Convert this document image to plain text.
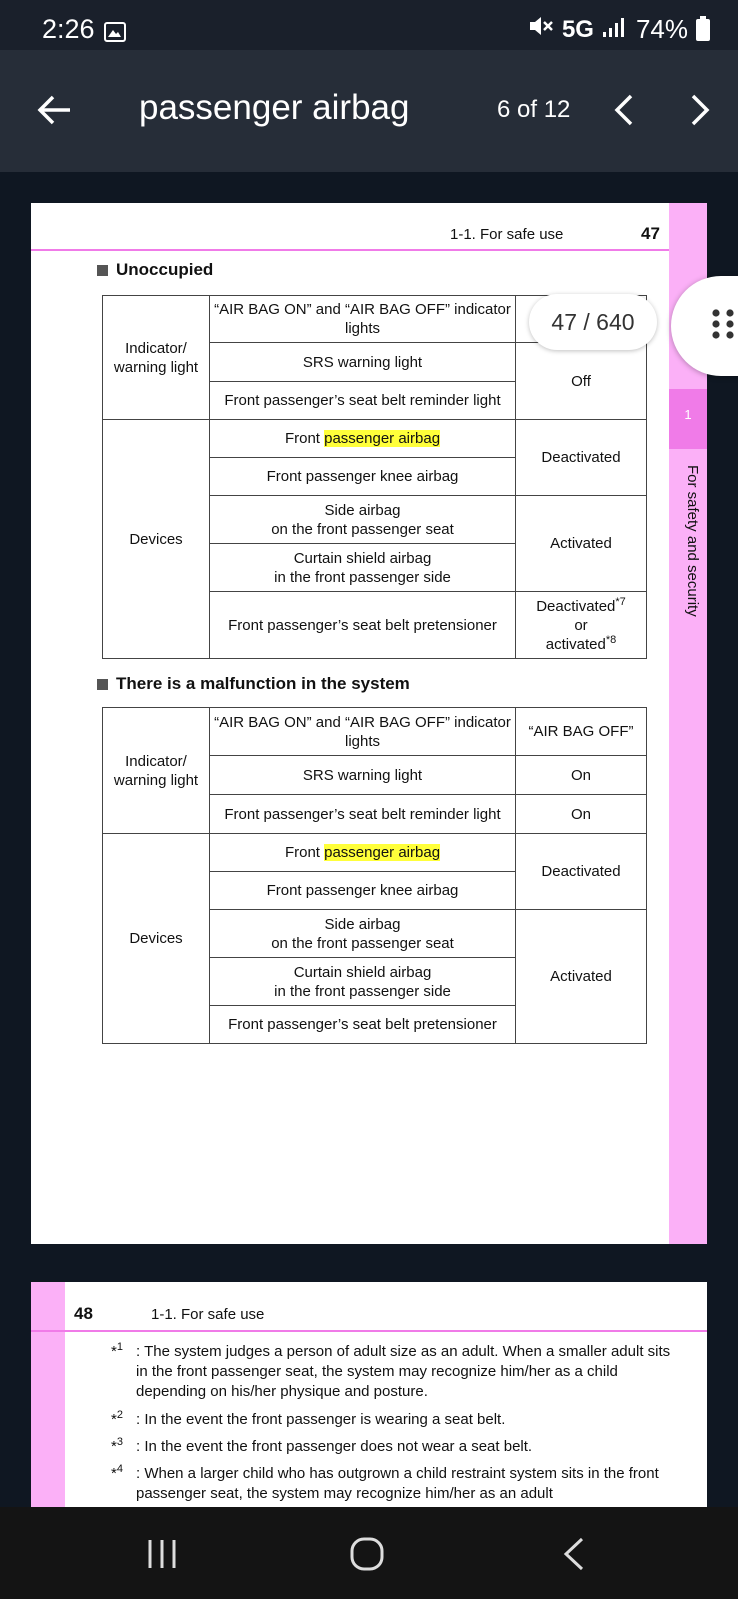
2:26	5G 74%
passenger airbag	6 of 12
1
For safety and security
1-1. For safe use	47
Unoccupied
Indicator/ warning light	“AIR BAG ON” and “AIR BAG OFF” indicator lights	
	SRS warning light	Off
	Front passenger’s seat belt reminder light	
Devices	Front passenger airbag	Deactivated
	Front passenger knee airbag	
	Side airbag
on the front passenger seat	Activated
	Curtain shield airbag
in the front passenger side	
	Front passenger’s seat belt pretensioner	Deactivated$^{*7}$
or
activated$^{*8}$
There is a malfunction in the system
Indicator/ warning light	“AIR BAG ON” and “AIR BAG OFF” indicator lights	“AIR BAG OFF”
	SRS warning light	On
	Front passenger’s seat belt reminder light	On
Devices	Front passenger airbag	Deactivated
	Front passenger knee airbag	
	Side airbag
on the front passenger seat	Activated
	Curtain shield airbag
in the front passenger side	
	Front passenger’s seat belt pretensioner	
47 / 640
48	1-1. For safe use
*$^1$ : The system judges a person of adult size as an adult. When a smaller adult sits in the front passenger seat, the system may recognize him/her as a child depending on his/her physique and posture.
*$^2$ : In the event the front passenger is wearing a seat belt.
*$^3$ : In the event the front passenger does not wear a seat belt.
*$^4$ : When a larger child who has outgrown a child restraint system sits in the front passenger seat, the system may recognize him/her as an adult
